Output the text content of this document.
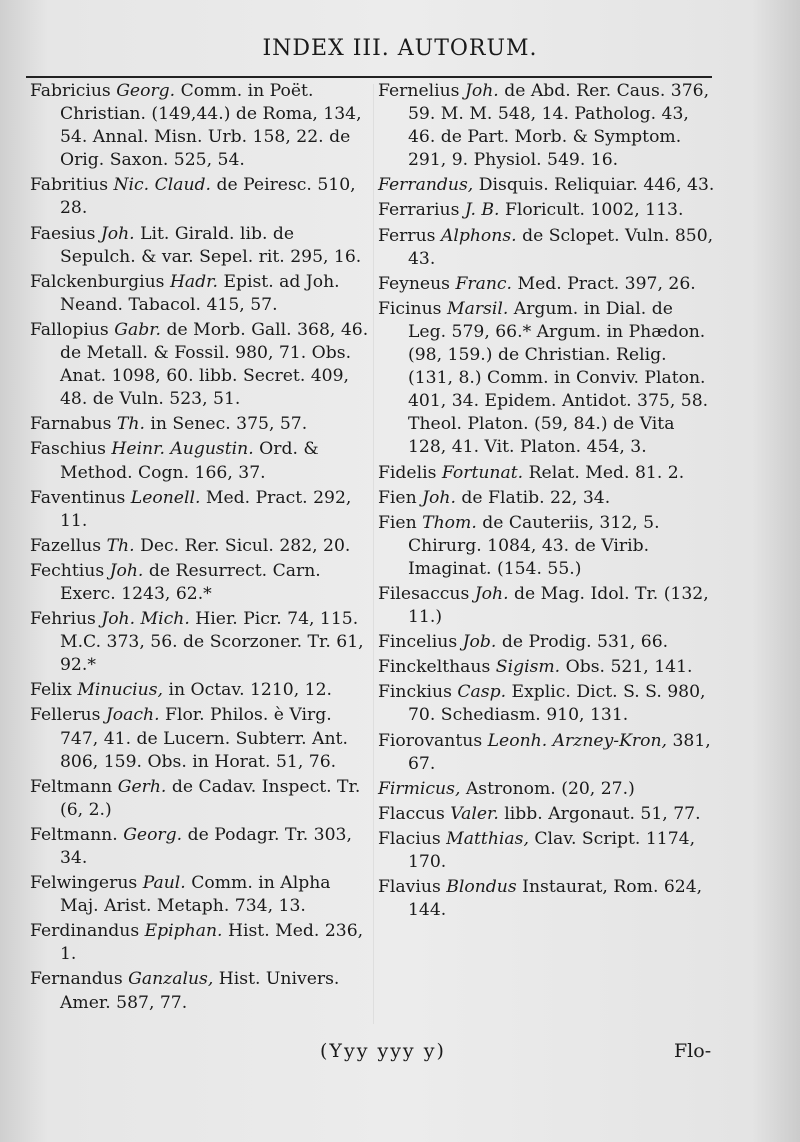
INDEX III. AUTORUM.

Fabricius Georg. Comm. in Poët. Christian. (149,44.) de Roma, 134, 54. Annal. Misn. Urb. 158, 22. de Orig. Saxon. 525, 54.

Fabritius Nic. Claud. de Peiresc. 510, 28.

Faesius Joh. Lit. Girald. lib. de Sepulch. & var. Sepel. rit. 295, 16.

Falckenburgius Hadr. Epist. ad Joh. Neand. Tabacol. 415, 57.

Fallopius Gabr. de Morb. Gall. 368, 46. de Metall. & Fossil. 980, 71. Obs. Anat. 1098, 60. libb. Secret. 409, 48. de Vuln. 523, 51.

Farnabus Th. in Senec. 375, 57.

Faschius Heinr. Augustin. Ord. & Method. Cogn. 166, 37.

Faventinus Leonell. Med. Pract. 292, 11.

Fazellus Th. Dec. Rer. Sicul. 282, 20.

Fechtius Joh. de Resurrect. Carn. Exerc. 1243, 62.*

Fehrius Joh. Mich. Hier. Picr. 74, 115. M.C. 373, 56. de Scorzoner. Tr. 61, 92.*

Felix Minucius, in Octav. 1210, 12.

Fellerus Joach. Flor. Philos. è Virg. 747, 41. de Lucern. Subterr. Ant. 806, 159. Obs. in Horat. 51, 76.

Feltmann Gerh. de Cadav. Inspect. Tr. (6, 2.)

Feltmann. Georg. de Podagr. Tr. 303, 34.

Felwingerus Paul. Comm. in Alpha Maj. Arist. Metaph. 734, 13.

Ferdinandus Epiphan. Hist. Med. 236, 1.

Fernandus Ganzalus, Hist. Univers. Amer. 587, 77.

Fernelius Joh. de Abd. Rer. Caus. 376, 59. M. M. 548, 14. Patholog. 43, 46. de Part. Morb. & Symptom. 291, 9. Physiol. 549. 16.

Ferrandus, Disquis. Reliquiar. 446, 43.

Ferrarius J. B. Floricult. 1002, 113.

Ferrus Alphons. de Sclopet. Vuln. 850, 43.

Feyneus Franc. Med. Pract. 397, 26.

Ficinus Marsil. Argum. in Dial. de Leg. 579, 66.* Argum. in Phædon. (98, 159.) de Christian. Relig. (131, 8.) Comm. in Conviv. Platon. 401, 34. Epidem. Antidot. 375, 58. Theol. Platon. (59, 84.) de Vita 128, 41. Vit. Platon. 454, 3.

Fidelis Fortunat. Relat. Med. 81. 2.

Fien Joh. de Flatib. 22, 34.

Fien Thom. de Cauteriis, 312, 5. Chirurg. 1084, 43. de Virib. Imaginat. (154. 55.)

Filesaccus Joh. de Mag. Idol. Tr. (132, 11.)

Fincelius Job. de Prodig. 531, 66.

Finckelthaus Sigism. Obs. 521, 141.

Finckius Casp. Explic. Dict. S. S. 980, 70. Schediasm. 910, 131.

Fiorovantus Leonh. Arzney-Kron, 381, 67.

Firmicus, Astronom. (20, 27.)

Flaccus Valer. libb. Argonaut. 51, 77.

Flacius Matthias, Clav. Script. 1174, 170.

Flavius Blondus Instaurat, Rom. 624, 144.

(Yyy yyy y)	Flo-
